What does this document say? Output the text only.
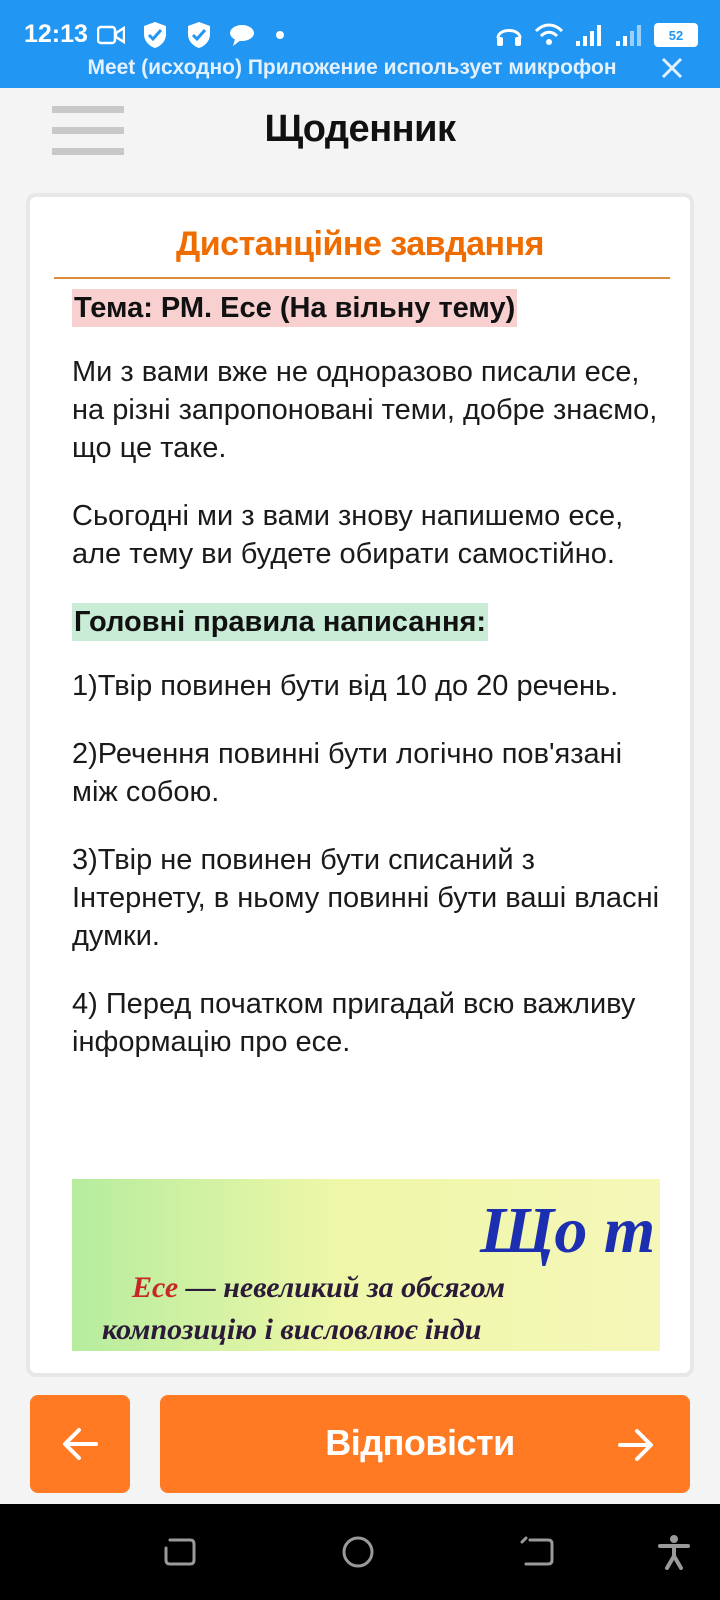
12:13	52
Meet (исходно) Приложение использует микрофон
Щоденник
Дистанційне завдання
Тема: РМ. Есе (На вільну тему)

Ми з вами вже не одноразово писали есе, на різні запропоновані теми, добре знаємо, що це таке.

Сьогодні ми з вами знову напишемо есе, але тему ви будете обирати самостійно.

Головні правила написання:

1)Твір повинен бути від 10 до 20 речень.

2)Речення повинні бути логічно пов'язані між собою.

3)Твір не повинен бути списаний з Інтернету, в ньому повинні бути ваші власні думки.

4) Перед початком пригадай всю важливу інформацію про есе.

Що т
Есе — невеликий за обсягом
композицію і висловлює інди
Відповісти
